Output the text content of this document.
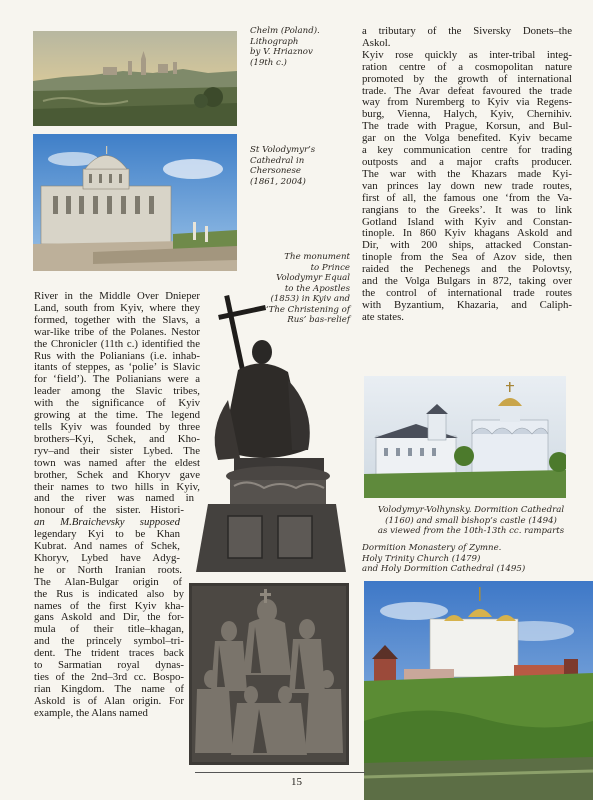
Chelm (Poland).
Lithograph
by V. Hriaznov
(19th c.)
St Volodymyr’s
Cathedral in
Chersonese
(1861, 2004)
The monument
to Prince
Volodymyr Equal
to the Apostles
(1853) in Kyiv and
‘The Christening of
Rus’ bas-relief
River in the Middle Over Dnieper
Land, south from Kyiv, where they
formed, together with the Slavs, a
war-like tribe of the Polanes. Nestor
the Chronicler (11th c.) identified the
Rus with the Polianians (i.e. inhab-
itants of steppes, as ‘polie’ is Slavic
for ‘field’). The Polianians were a
leader among the Slavic tribes,
with the significance of Kyiv
growing at the time. The legend
tells Kyiv was founded by three
brothers–Kyi, Schek, and Kho-
ryv–and their sister Lybed. The
town was named after the eldest
brother, Schek and Khoryv gave
their names to two hills in Kyiv,
and the river was named in
honour of the sister. Histori-
an M.Braichevsky supposed
legendary Kyi to be Khan
Kubrat. And names of Schek,
Khoryv, Lybed have Adyg-
he or North Iranian roots.
The Alan-Bulgar origin of
the Rus is indicated also by
names of the first Kyiv kha-
gans Askold and Dir, the for-
mula of their title–khagan,
and the princely symbol–tri-
dent. The trident traces back
to Sarmatian royal dynas-
ties of the 2nd–3rd cc. Bospo-
rian Kingdom. The name of
Askold is of Alan origin. For
example, the Alans named
a tributary of the Siversky Donets–the
Askol.
Kyiv rose quickly as inter-tribal integ-
ration centre of a cosmopolitan nature
promoted by the growth of international
trade. The Avar defeat favoured the trade
way from Nuremberg to Kyiv via Regens-
burg, Vienna, Halych, Kyiv, Chernihiv.
The trade with Prague, Korsun, and Bul-
gar on the Volga benefited. Kyiv became
a key communication centre for trading
outposts and a major crafts producer.
The war with the Khazars made Kyi-
van princes lay down new trade routes,
first of all, the famous one ‘from the Va-
rangians to the Greeks’. It was to link
Gotland Island with Kyiv and Constan-
tinople. In 860 Kyiv khagans Askold and
Dir, with 200 ships, attacked Constan-
tinople from the Sea of Azov side, then
raided the Pechenegs and the Polovtsy,
and the Volga Bulgars in 872, taking over
the control of international trade routes
with Byzantium, Khazaria, and Caliph-
ate states.
Volodymyr-Volhynsky. Dormition Cathedral
(1160) and small bishop’s castle (1494)
as viewed from the 10th-13th cc. ramparts
Dormition Monastery of Zymne.
Holy Trinity Church (1479)
and Holy Dormition Cathedral (1495)
15
